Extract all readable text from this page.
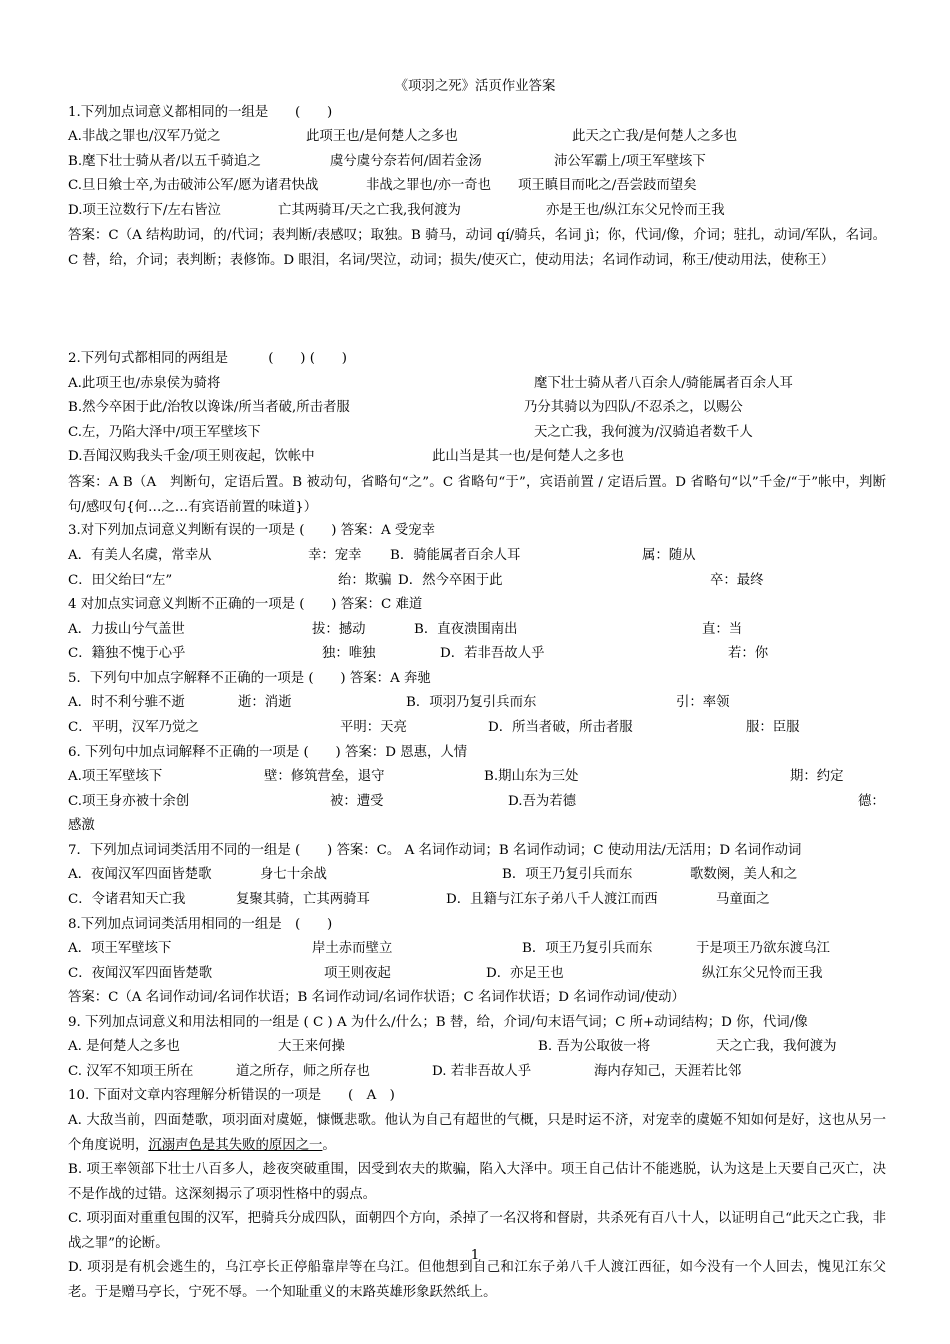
《项羽之死》活页作业答案
1.下列加点词意义都相同的一组是　　(　　)
A.非战之罪也/汉军乃觉之	此项王也/是何楚人之多也	此天之亡我/是何楚人之多也
B.麾下壮士骑从者/以五千骑追之	虞兮虞兮奈若何/固若金汤	沛公军霸上/项王军壁垓下
C.旦日飨士卒,为击破沛公军/愿为诸君快战	非战之罪也/亦一奇也 项王瞋目而叱之/吾尝跂而望矣
D.项王泣数行下/左右皆泣	亡其两骑耳/天之亡我,我何渡为	亦是王也/纵江东父兄怜而王我
2.下列句式都相同的两组是　　　(　　) (　　)
A.此项王也/赤泉侯为骑将	麾下壮士骑从者八百余人/骑能属者百余人耳
B.然今卒困于此/治牧以谗诛/所当者破,所击者服	乃分其骑以为四队/不忍杀之，以赐公
C.左，乃陷大泽中/项王军壁垓下	天之亡我，我何渡为/汉骑追者数千人
D.吾闻汉购我头千金/项王则夜起，饮帐中	此山当是其一也/是何楚人之多也
3.对下列加点词意义判断有误的一项是 (　　) 答案：A 受宠幸
A．有美人名虞，常幸从	幸：宠幸 B．骑能属者百余人耳	属：随从
C．田父绐曰“左”	绐：欺骗 D．然今卒困于此	卒：最终
4 对加点实词意义判断不正确的一项是 (　　) 答案：C 难道
A．力拔山兮气盖世	拔：撼动	B．直夜溃围南出	直：当
C．籍独不愧于心乎	独：唯独	D．若非吾故人乎	若：你
5．下列句中加点字解释不正确的一项是 (　　) 答案：A 奔驰
A．时不利兮骓不逝	逝：消逝	B．项羽乃复引兵而东	引：率领
C．平明，汉军乃觉之	平明：天亮	D．所当者破，所击者服	服：臣服
6. 下列句中加点词解释不正确的一项是 (　　) 答案：D 恩惠，人情
A.项王军壁垓下	壁：修筑营垒，退守	B.期山东为三处	期：约定
C.项王身亦被十余创	被：遭受	D.吾为若德	德：
感激
7．下列加点词词类活用不同的一组是 (　　) 答案：C。 A 名词作动词；B 名词作动词；C 使动用法/无活用；D 名词作动词
A．夜闻汉军四面皆楚歌	身七十余战	B．项王乃复引兵而东	歌数阕，美人和之
C．令诸君知天亡我	复聚其骑，亡其两骑耳	D．且籍与江东子弟八千人渡江而西	马童面之
8.下列加点词词类活用相同的一组是　(　　)
A．项王军壁垓下	岸土赤而壁立	B．项王乃复引兵而东	于是项王乃欲东渡乌江
C．夜闻汉军四面皆楚歌	项王则夜起	D．亦足王也	纵江东父兄怜而王我
答案：C（A 名词作动词/名词作状语；B 名词作动词/名词作状语；C 名词作状语；D 名词作动词/使动）
9. 下列加点词意义和用法相同的一组是 ( C ) A 为什么/什么；B 替，给，介词/句末语气词；C 所+动词结构；D 你，代词/像
A. 是何楚人之多也	大王来何操	B. 吾为公取彼一将	天之亡我，我何渡为
C. 汉军不知项王所在	道之所存，师之所存也	D. 若非吾故人乎	海内存知己，天涯若比邻
10. 下面对文章内容理解分析错误的一项是　　(　A　)
答案：C（A 结构助词，的/代词；表判断/表感叹；取独。B 骑马，动词 qí/骑兵，名词 jì；你，代词/像，介词；驻扎，动词/军队，名词。C 替，给，介词；表判断；表修饰。D 眼泪，名词/哭泣，动词；损失/使灭亡，使动用法；名词作动词，称王/使动用法，使称王）
答案：A B（A　判断句，定语后置。B 被动句，省略句“之”。C 省略句“于”，宾语前置 / 定语后置。D 省略句“以”千金/“于”帐中，判断句/感叹句{何…之…有宾语前置的味道}）
A. 大敌当前，四面楚歌，项羽面对虞姬，慷慨悲歌。他认为自己有超世的气概，只是时运不济，对宠幸的虞姬不知如何是好，这也从另一个角度说明，沉溺声色是其失败的原因之一。
B. 项王率领部下壮士八百多人，趁夜突破重围，因受到农夫的欺骗，陷入大泽中。项王自己估计不能逃脱，认为这是上天要自己灭亡，决不是作战的过错。这深刻揭示了项羽性格中的弱点。
C. 项羽面对重重包围的汉军，把骑兵分成四队，面朝四个方向，杀掉了一名汉将和督尉，共杀死有百八十人，以证明自己“此天之亡我，非战之罪”的论断。
D. 项羽是有机会逃生的，乌江亭长正停船靠岸等在乌江。但他想到自己和江东子弟八千人渡江西征，如今没有一个人回去，愧见江东父老。于是赠马亭长，宁死不辱。一个知耻重义的末路英雄形象跃然纸上。
1
